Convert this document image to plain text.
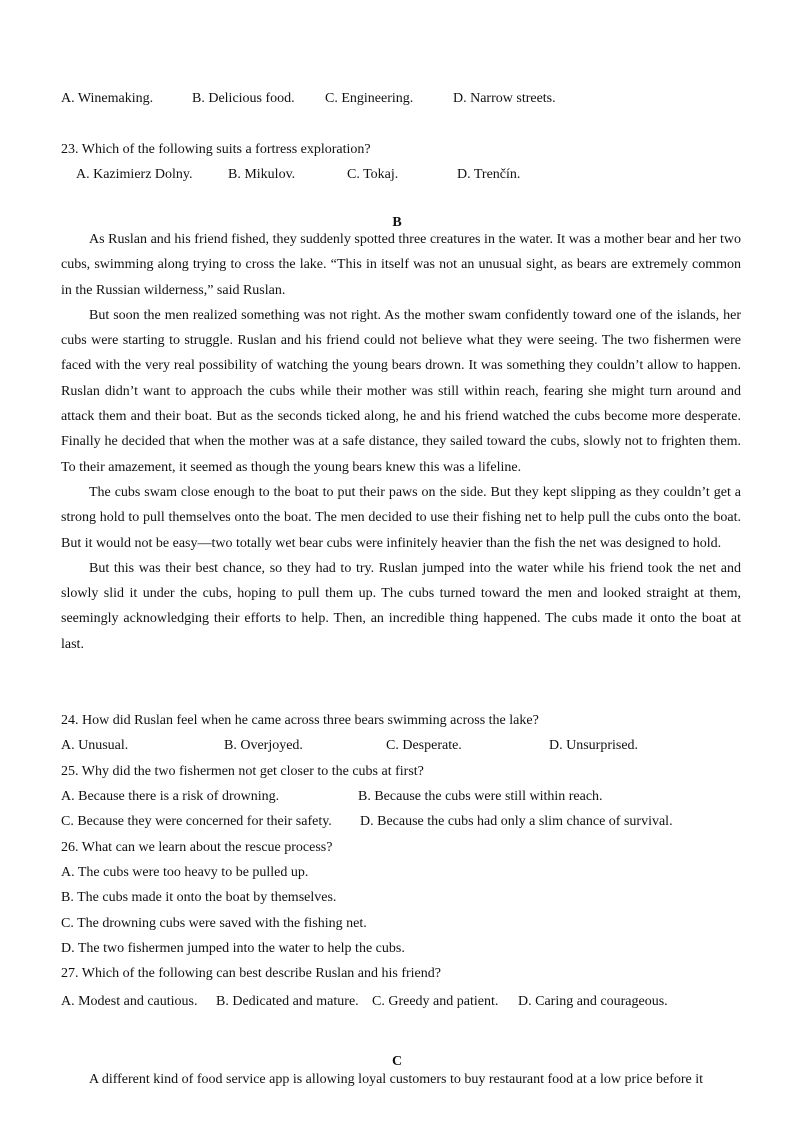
A. Winemaking.	B. Delicious food. C. Engineering.	D. Narrow streets.
23. Which of the following suits a fortress exploration?
A. Kazimierz Dolny.	B. Mikulov.	C. Tokaj.	D. Trenčín.
B

As Ruslan and his friend fished, they suddenly spotted three creatures in the water. It was a mother bear and her two cubs, swimming along trying to cross the lake. “This in itself was not an unusual sight, as bears are extremely common in the Russian wilderness,” said Ruslan.

But soon the men realized something was not right. As the mother swam confidently toward one of the islands, her cubs were starting to struggle. Ruslan and his friend could not believe what they were seeing. The two fishermen were faced with the very real possibility of watching the young bears drown. It was something they couldn’t allow to happen. Ruslan didn’t want to approach the cubs while their mother was still within reach, fearing she might turn around and attack them and their boat. But as the seconds ticked along, he and his friend watched the cubs become more desperate. Finally he decided that when the mother was at a safe distance, they sailed toward the cubs, slowly not to frighten them. To their amazement, it seemed as though the young bears knew this was a lifeline.

The cubs swam close enough to the boat to put their paws on the side. But they kept slipping as they couldn’t get a strong hold to pull themselves onto the boat. The men decided to use their fishing net to help pull the cubs onto the boat. But it would not be easy—two totally wet bear cubs were infinitely heavier than the fish the net was designed to hold.

But this was their best chance, so they had to try. Ruslan jumped into the water while his friend took the net and slowly slid it under the cubs, hoping to pull them up. The cubs turned toward the men and looked straight at them, seemingly acknowledging their efforts to help. Then, an incredible thing happened. The cubs made it onto the boat at last.

24. How did Ruslan feel when he came across three bears swimming across the lake?
A. Unusual.	B. Overjoyed.	C. Desperate.	D. Unsurprised.
25. Why did the two fishermen not get closer to the cubs at first?
A. Because there is a risk of drowning.	B. Because the cubs were still within reach.
C. Because they were concerned for their safety. D. Because the cubs had only a slim chance of survival.
26. What can we learn about the rescue process?
A. The cubs were too heavy to be pulled up.
B. The cubs made it onto the boat by themselves.
C. The drowning cubs were saved with the fishing net.
D. The two fishermen jumped into the water to help the cubs.
27. Which of the following can best describe Ruslan and his friend?
A. Modest and cautious. B. Dedicated and mature. C. Greedy and patient. D. Caring and courageous.
C

A different kind of food service app is allowing loyal customers to buy restaurant food at a low price before it
